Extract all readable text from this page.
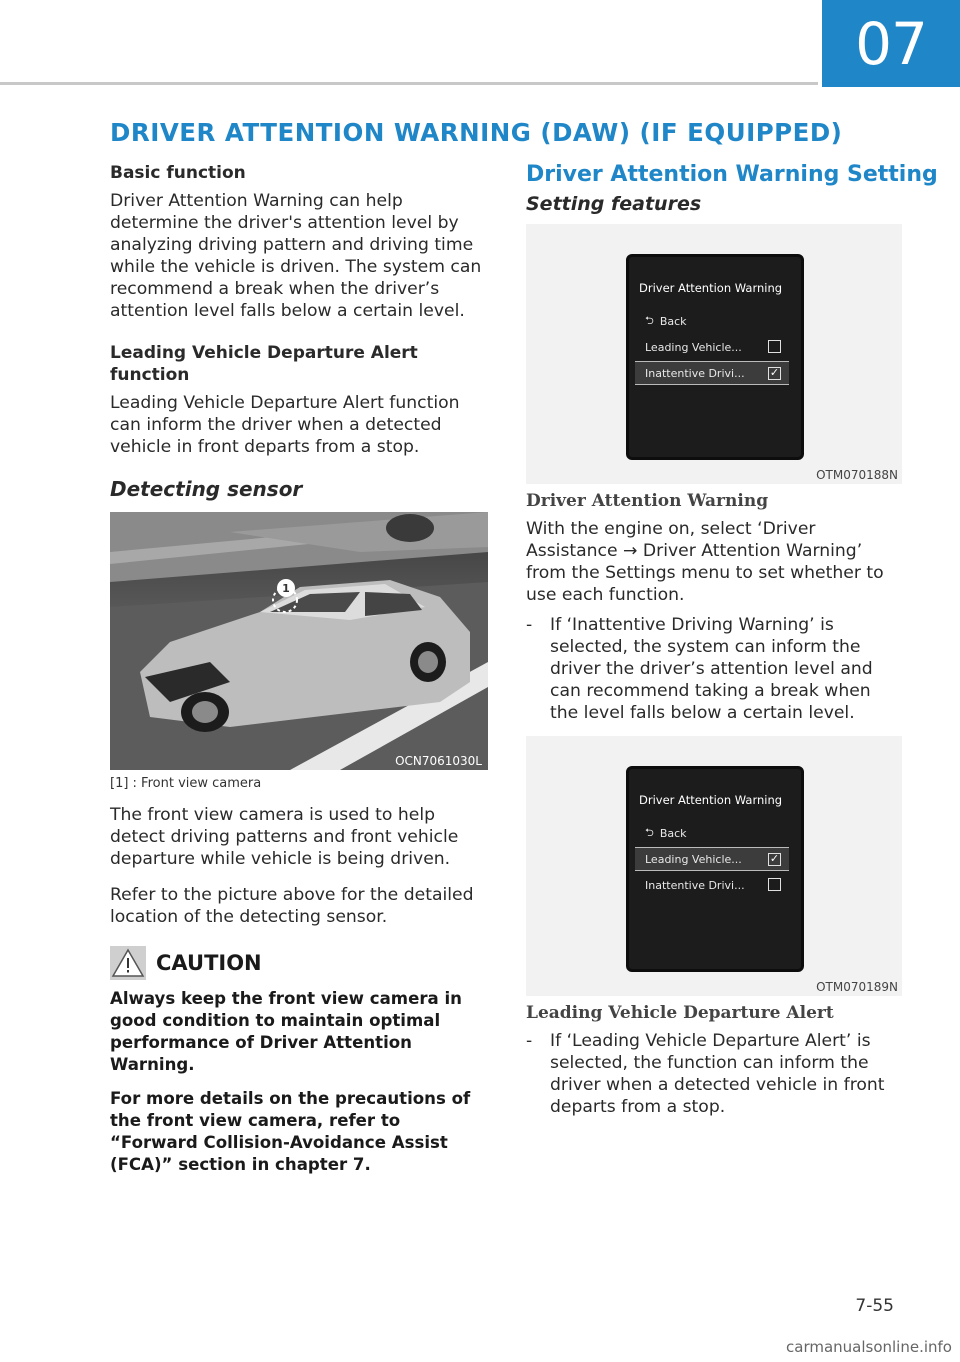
07
DRIVER ATTENTION WARNING (DAW) (IF EQUIPPED)
Basic function

Driver Attention Warning can help determine the driver's attention level by analyzing driving pattern and driving time while the vehicle is driven. The system can recommend a break when the driver’s attention level falls below a certain level.

Leading Vehicle Departure Alert function

Leading Vehicle Departure Alert function can inform the driver when a detected vehicle in front departs from a stop.

Detecting sensor
1
OCN7061030L
[1] : Front view camera

The front view camera is used to help detect driving patterns and front vehicle departure while vehicle is being driven.

Refer to the picture above for the detailed location of the detecting sensor.

CAUTION

Always keep the front view camera in good condition to maintain optimal performance of Driver Attention Warning.

For more details on the precautions of the front view camera, refer to “Forward Collision-Avoidance Assist (FCA)” section in chapter 7.

Driver Attention Warning Setting
Setting features
Driver Attention Warning
⮌ Back
Leading Vehicle...
Inattentive Drivi... ✓
OTM070188N
Driver Attention Warning

With the engine on, select ‘Driver Assistance → Driver Attention Warning’ from the Settings menu to set whether to use each function.

-	If ‘Inattentive Driving Warning’ is selected, the system can inform the driver the driver’s attention level and can recommend taking a break when the level falls below a certain level.
Driver Attention Warning
⮌ Back
Leading Vehicle...	✓
Inattentive Drivi...
OTM070189N
Leading Vehicle Departure Alert
-	If ‘Leading Vehicle Departure Alert’ is selected, the function can inform the driver when a detected vehicle in front departs from a stop.
7-55
carmanualsonline.info
